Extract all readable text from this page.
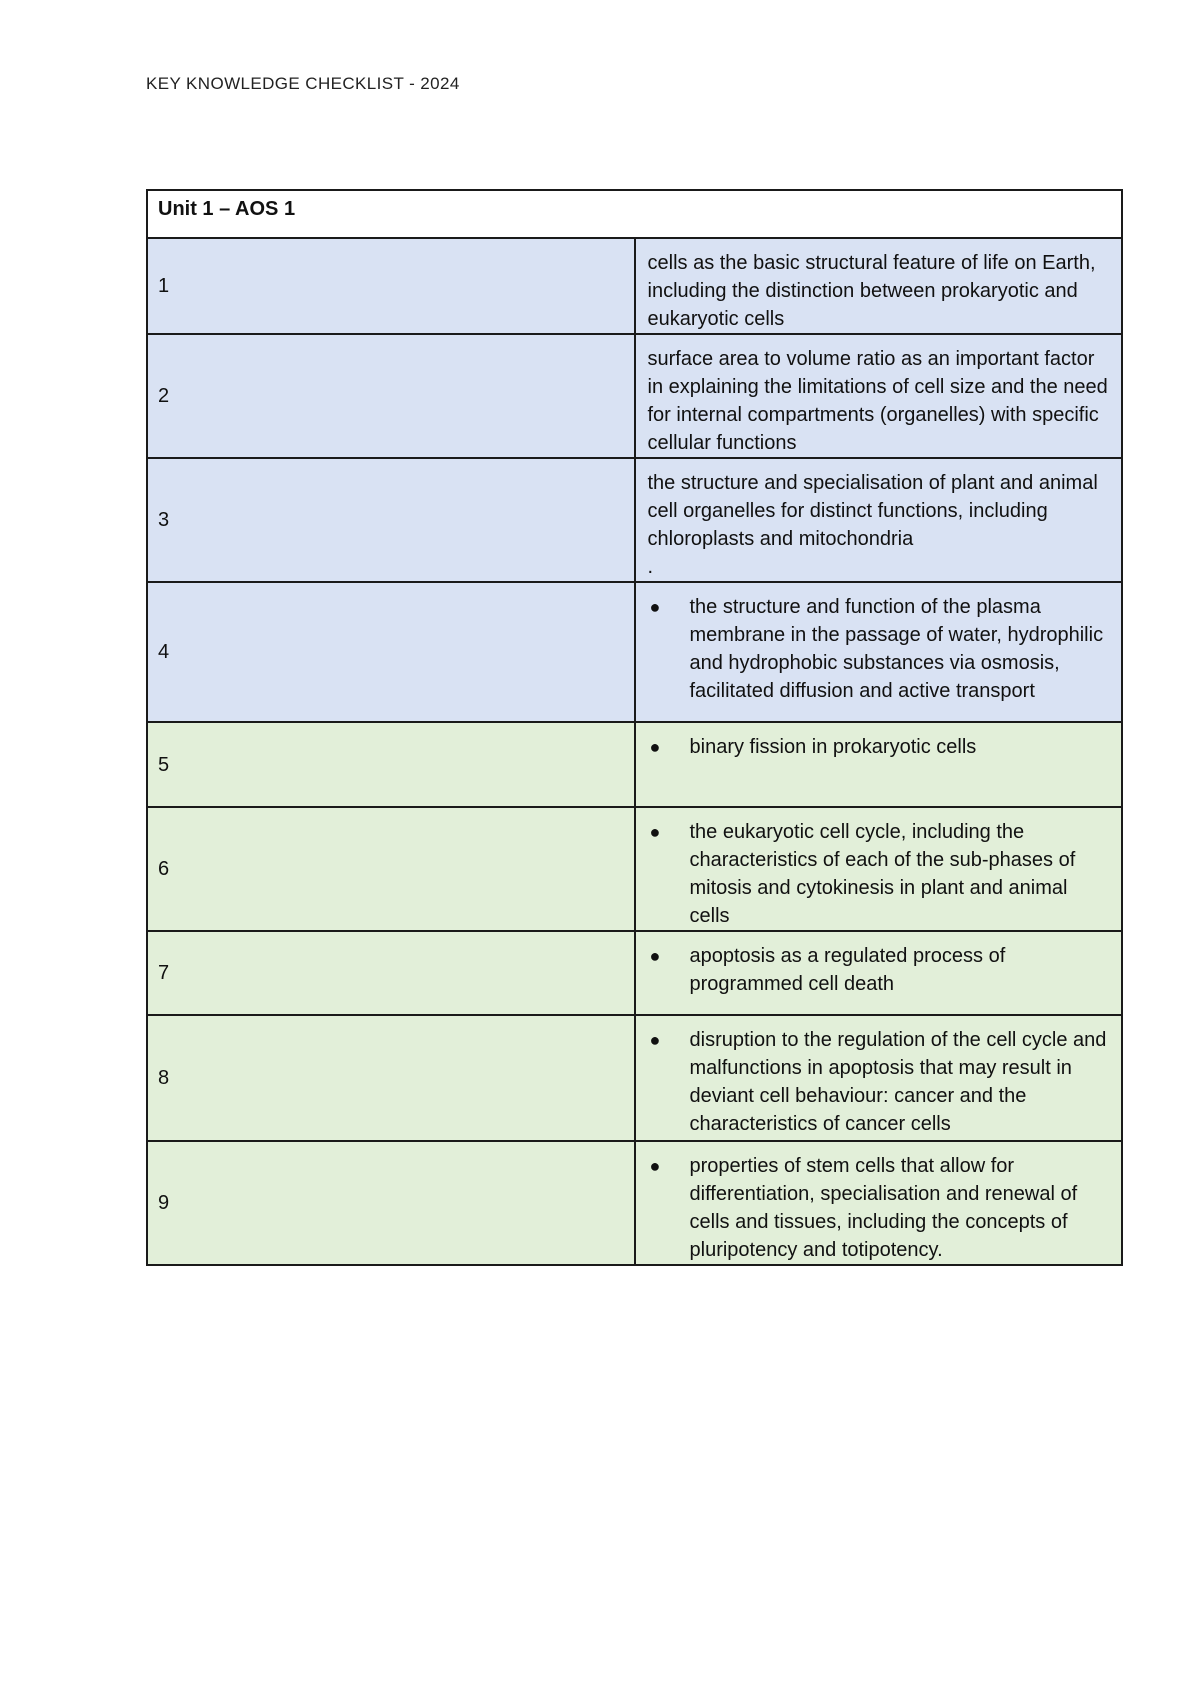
KEY KNOWLEDGE CHECKLIST - 2024
Unit 1 – AOS 1	
1	cells as the basic structural feature of life on Earth, including the distinction between prokaryotic and eukaryotic cells
2	surface area to volume ratio as an important factor in explaining the limitations of cell size and the need for internal compartments (organelles) with specific cellular functions
3	the structure and specialisation of plant and animal cell organelles for distinct functions, including chloroplasts and mitochondria
.

4	● the structure and function of the plasma membrane in the passage of water, hydrophilic and hydrophobic substances via osmosis, facilitated diffusion and active transport

5	● binary fission in prokaryotic cells

6	● the eukaryotic cell cycle, including the characteristics of each of the sub-phases of mitosis and cytokinesis in plant and animal cells

7	● apoptosis as a regulated process of programmed cell death

8	● disruption to the regulation of the cell cycle and malfunctions in apoptosis that may result in deviant cell behaviour: cancer and the characteristics of cancer cells

9	● properties of stem cells that allow for differentiation, specialisation and renewal of cells and tissues, including the concepts of pluripotency and totipotency.
